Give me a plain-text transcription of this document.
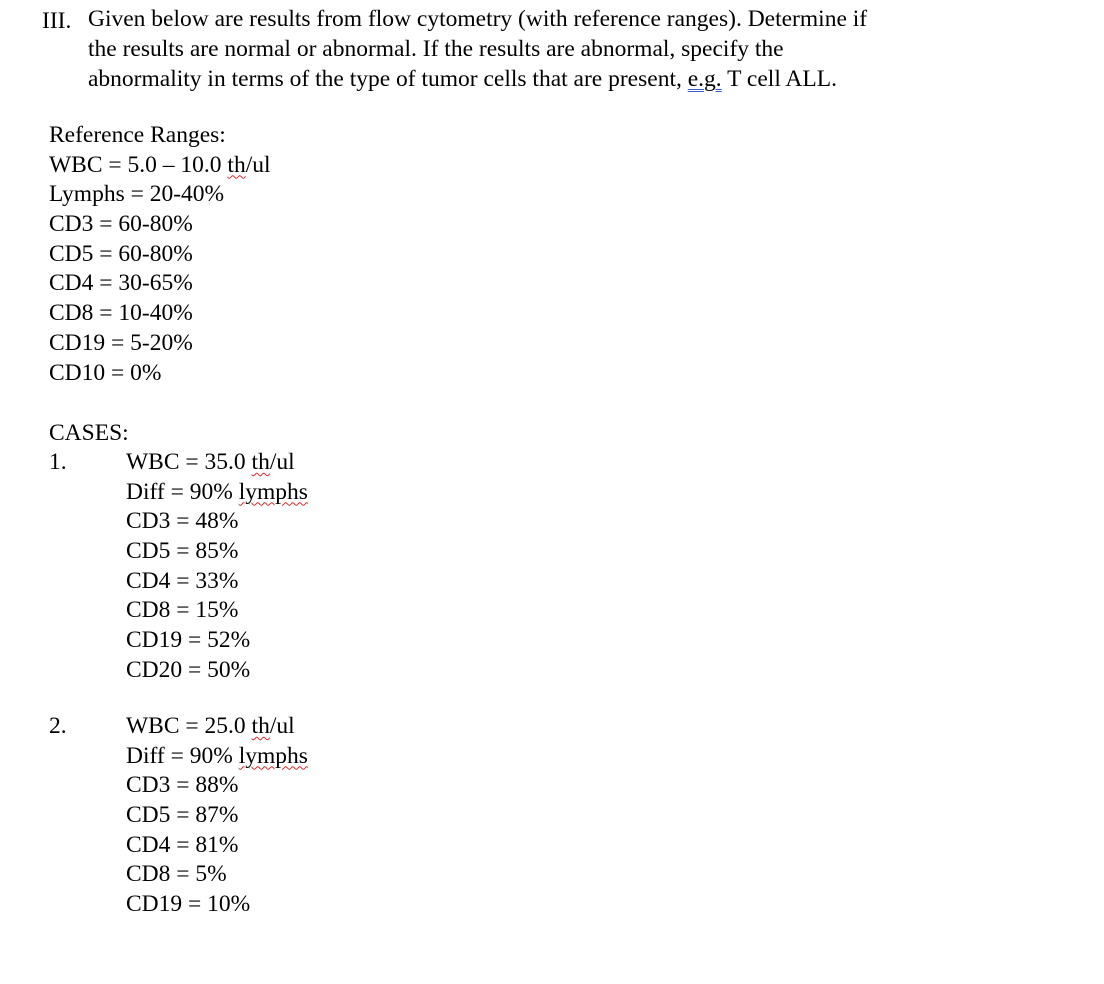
III. Given below are results from flow cytometry (with reference ranges). Determine if
the results are normal or abnormal. If the results are abnormal, specify the
abnormality in terms of the type of tumor cells that are present, e.g. T cell ALL.
Reference Ranges:
WBC = 5.0 – 10.0 th/ul
Lymphs = 20-40%
CD3 = 60-80%
CD5 = 60-80%
CD4 = 30-65%
CD8 = 10-40%
CD19 = 5-20%
CD10 = 0%
CASES:
1.	WBC = 35.0 th/ul
Diff = 90% lymphs
CD3 = 48%
CD5 = 85%
CD4 = 33%
CD8 = 15%
CD19 = 52%
CD20 = 50%
2.	WBC = 25.0 th/ul
Diff = 90% lymphs
CD3 = 88%
CD5 = 87%
CD4 = 81%
CD8 = 5%
CD19 = 10%
